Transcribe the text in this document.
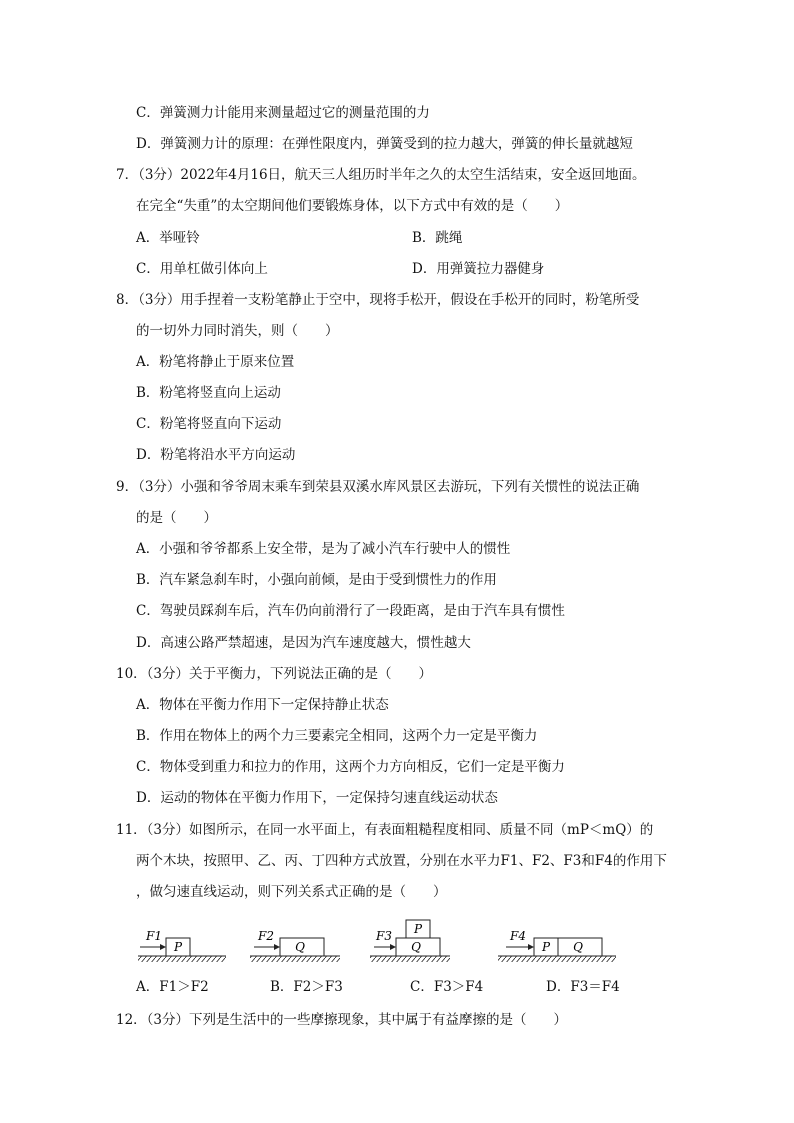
C．弹簧测力计能用来测量超过它的测量范围的力
D．弹簧测力计的原理：在弹性限度内，弹簧受到的拉力越大，弹簧的伸长量就越短
7．（3分）2022年4月16日，航天三人组历时半年之久的太空生活结束，安全返回地面。
在完全“失重”的太空期间他们要锻炼身体，以下方式中有效的是（　　）
A．举哑铃	B．跳绳
C．用单杠做引体向上	D．用弹簧拉力器健身
8．（3分）用手捏着一支粉笔静止于空中，现将手松开，假设在手松开的同时，粉笔所受
的一切外力同时消失，则（　　）
A．粉笔将静止于原来位置
B．粉笔将竖直向上运动
C．粉笔将竖直向下运动
D．粉笔将沿水平方向运动
9．（3分）小强和爷爷周末乘车到荣县双溪水库风景区去游玩，下列有关惯性的说法正确
的是（　　）
A．小强和爷爷都系上安全带，是为了减小汽车行驶中人的惯性
B．汽车紧急刹车时，小强向前倾，是由于受到惯性力的作用
C．驾驶员踩刹车后，汽车仍向前滑行了一段距离，是由于汽车具有惯性
D．高速公路严禁超速，是因为汽车速度越大，惯性越大
10．（3分）关于平衡力，下列说法正确的是（　　）
A．物体在平衡力作用下一定保持静止状态
B．作用在物体上的两个力三要素完全相同，这两个力一定是平衡力
C．物体受到重力和拉力的作用，这两个力方向相反，它们一定是平衡力
D．运动的物体在平衡力作用下，一定保持匀速直线运动状态
11．（3分）如图所示，在同一水平面上，有表面粗糙程度相同、质量不同（mP＜mQ）的
两个木块，按照甲、乙、丙、丁四种方式放置，分别在水平力F1、F2、F3和F4的作用下
，做匀速直线运动，则下列关系式正确的是（　　）
P
F1
Q
F2
Q
P
F3
P Q
F4
A．F1＞F2	B．F2＞F3	C．F3＞F4	D．F3＝F4
12．（3分）下列是生活中的一些摩擦现象，其中属于有益摩擦的是（　　）
